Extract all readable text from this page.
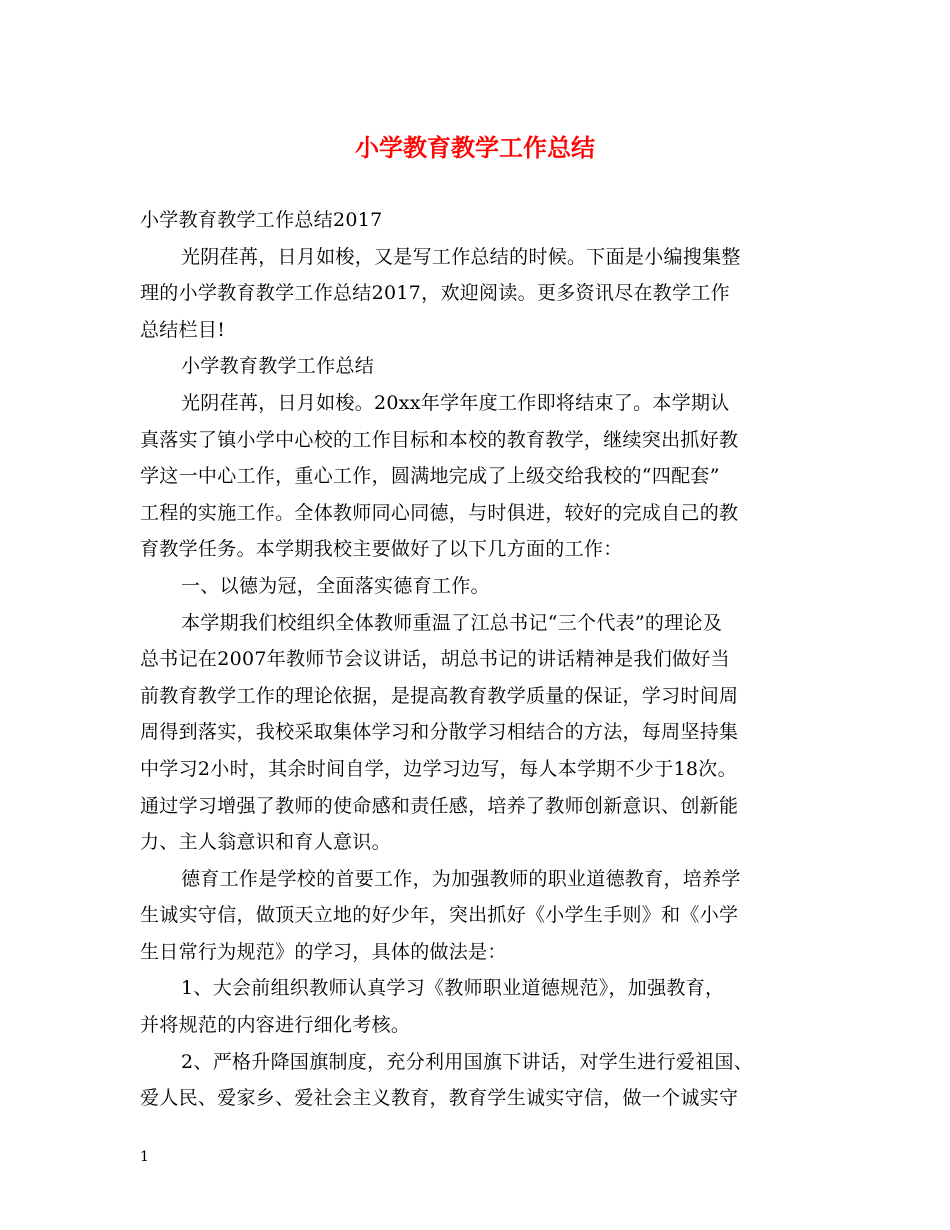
小学教育教学工作总结
小学教育教学工作总结2017
光阴荏苒，日月如梭，又是写工作总结的时候。下面是小编搜集整
理的小学教育教学工作总结2017，欢迎阅读。更多资讯尽在教学工作
总结栏目!
小学教育教学工作总结
光阴荏苒，日月如梭。20xx年学年度工作即将结束了。本学期认
真落实了镇小学中心校的工作目标和本校的教育教学，继续突出抓好教
学这一中心工作，重心工作，圆满地完成了上级交给我校的“四配套”
工程的实施工作。全体教师同心同德，与时俱进，较好的完成自己的教
育教学任务。本学期我校主要做好了以下几方面的工作：
一、以德为冠，全面落实德育工作。
本学期我们校组织全体教师重温了江总书记“三个代表”的理论及
总书记在2007年教师节会议讲话，胡总书记的讲话精神是我们做好当
前教育教学工作的理论依据，是提高教育教学质量的保证，学习时间周
周得到落实，我校采取集体学习和分散学习相结合的方法，每周坚持集
中学习2小时，其余时间自学，边学习边写，每人本学期不少于18次。
通过学习增强了教师的使命感和责任感，培养了教师创新意识、创新能
力、主人翁意识和育人意识。
德育工作是学校的首要工作，为加强教师的职业道德教育，培养学
生诚实守信，做顶天立地的好少年，突出抓好《小学生手则》和《小学
生日常行为规范》的学习，具体的做法是：
1、大会前组织教师认真学习《教师职业道德规范》，加强教育，
并将规范的内容进行细化考核。
2、严格升降国旗制度，充分利用国旗下讲话，对学生进行爱祖国、
爱人民、爱家乡、爱社会主义教育，教育学生诚实守信，做一个诚实守
1
